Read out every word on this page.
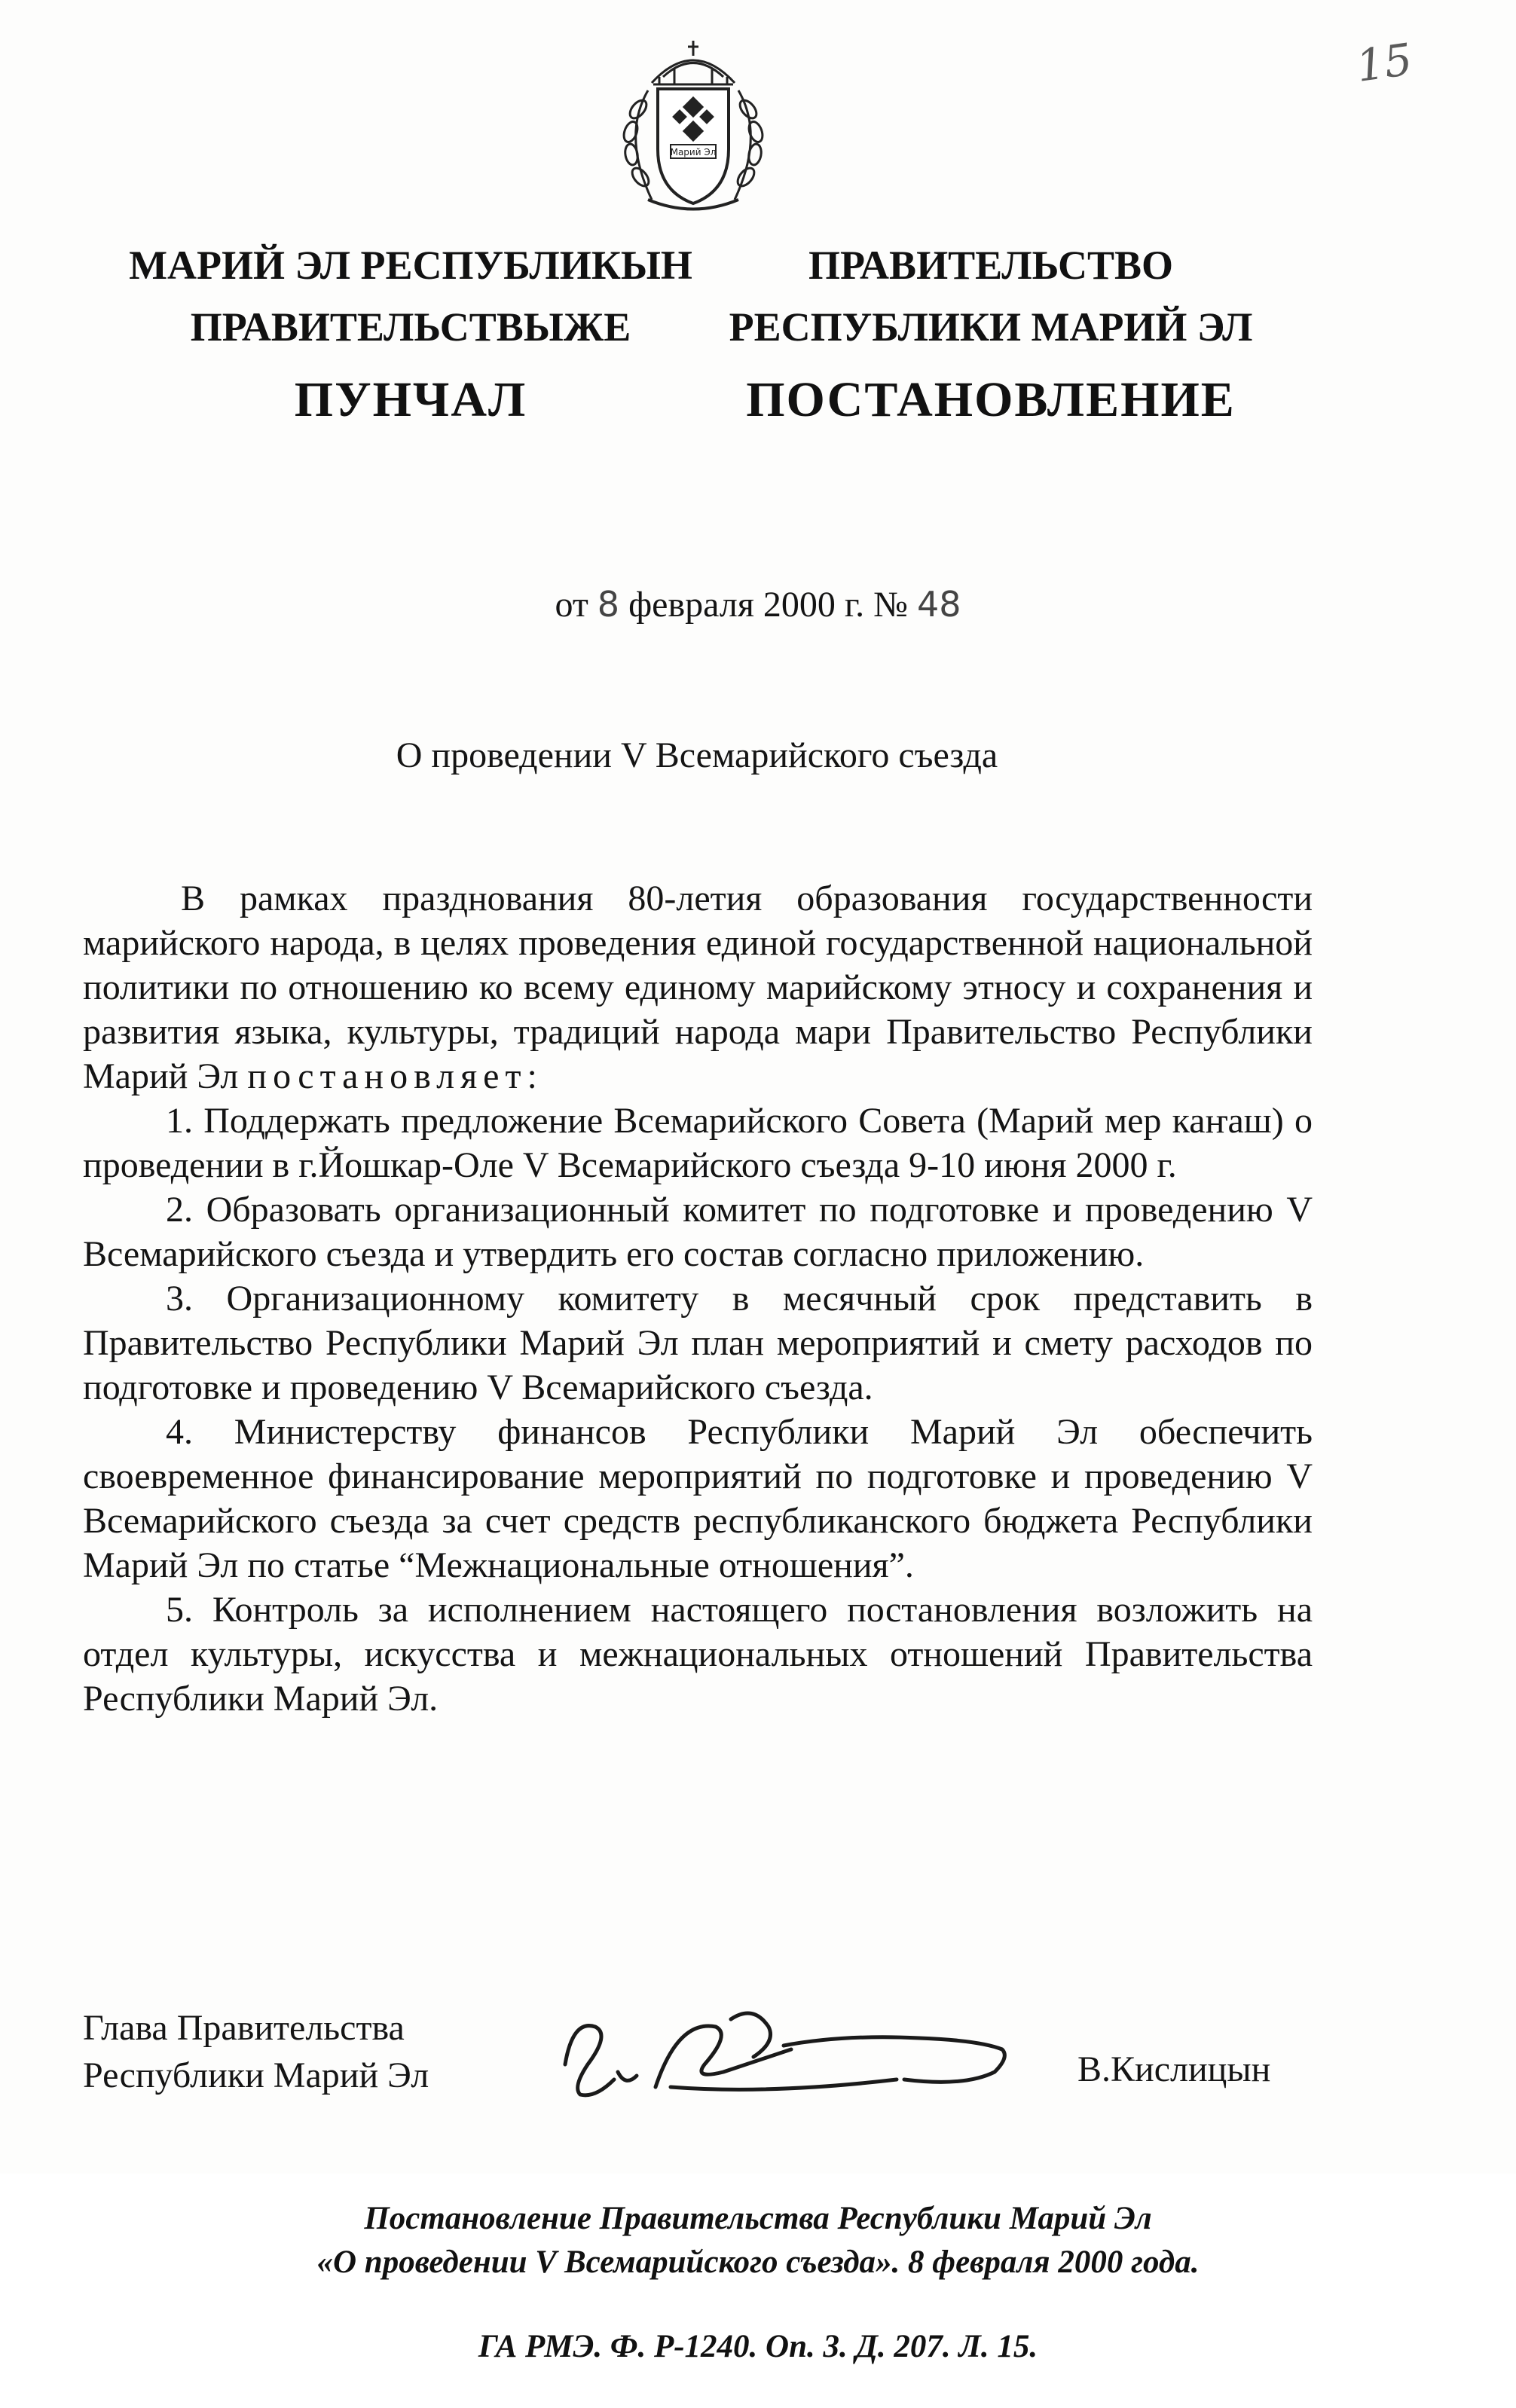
15
Марий Эл
МАРИЙ ЭЛ РЕСПУБЛИКЫН
ПРАВИТЕЛЬСТВЫЖЕ
ПУНЧАЛ
ПРАВИТЕЛЬСТВО
РЕСПУБЛИКИ МАРИЙ ЭЛ
ПОСТАНОВЛЕНИЕ
от 8 февраля 2000 г. № 48
О проведении V Всемарийского съезда

В рамках празднования 80-летия образования государственности марийского народа, в целях проведения единой государственной национальной политики по отношению ко всему единому марийскому этносу и сохранения и развития языка, культуры, традиций народа мари Правительство Республики Марий Эл постановляет:

1. Поддержать предложение Всемарийского Совета (Марий мер каҥаш) о проведении в г.Йошкар-Оле V Всемарийского съезда 9-10 июня 2000 г.

2. Образовать организационный комитет по подготовке и проведению V Всемарийского съезда и утвердить его состав согласно приложению.

3. Организационному комитету в месячный срок представить в Правительство Республики Марий Эл план мероприятий и смету расходов по подготовке и проведению V Всемарийского съезда.

4. Министерству финансов Республики Марий Эл обеспечить своевременное финансирование мероприятий по подготовке и проведению V Всемарийского съезда за счет средств республиканского бюджета Республики Марий Эл по статье “Межнациональные отношения”.

5. Контроль за исполнением настоящего постановления возложить на отдел культуры, искусства и межнациональных отношений Правительства Республики Марий Эл.

Глава Правительства
Республики Марий Эл	В.Кислицын
Постановление Правительства Республики Марий Эл
«О проведении V Всемарийского съезда». 8 февраля 2000 года.
ГА РМЭ. Ф. Р-1240. Оп. 3. Д. 207. Л. 15.
